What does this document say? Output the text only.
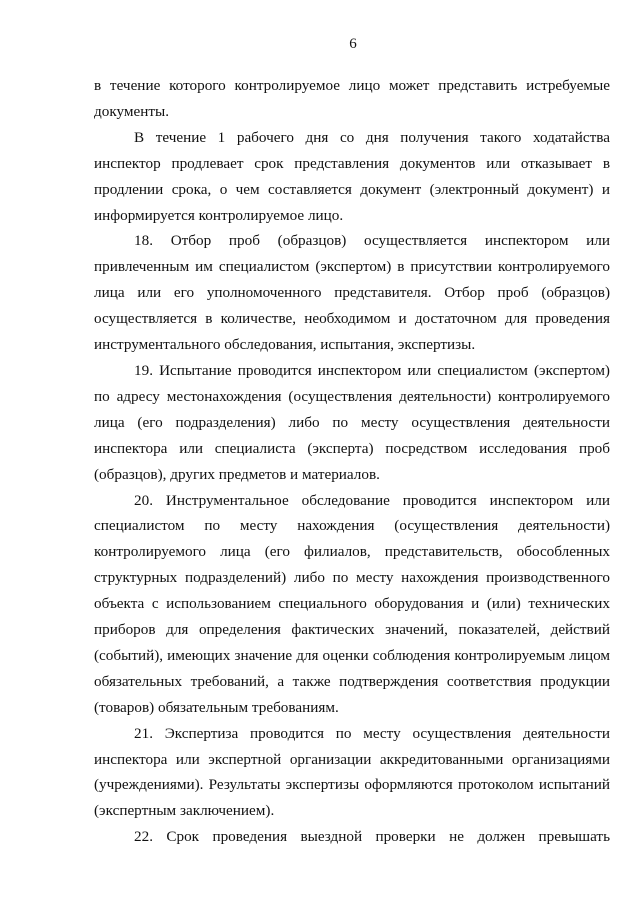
6

в течение которого контролируемое лицо может представить истребуемые документы.

В течение 1 рабочего дня со дня получения такого ходатайства инспектор продлевает срок представления документов или отказывает в продлении срока, о чем составляется документ (электронный документ) и информируется контролируемое лицо.

18. Отбор проб (образцов) осуществляется инспектором или привлеченным им специалистом (экспертом) в присутствии контролируемого лица или его уполномоченного представителя. Отбор проб (образцов) осуществляется в количестве, необходимом и достаточном для проведения инструментального обследования, испытания, экспертизы.

19. Испытание проводится инспектором или специалистом (экспертом) по адресу местонахождения (осуществления деятельности) контролируемого лица (его подразделения) либо по месту осуществления деятельности инспектора или специалиста (эксперта) посредством исследования проб (образцов), других предметов и материалов.

20. Инструментальное обследование проводится инспектором или специалистом по месту нахождения (осуществления деятельности) контролируемого лица (его филиалов, представительств, обособленных структурных подразделений) либо по месту нахождения производственного объекта с использованием специального оборудования и (или) технических приборов для определения фактических значений, показателей, действий (событий), имеющих значение для оценки соблюдения контролируемым лицом обязательных требований, а также подтверждения соответствия продукции (товаров) обязательным требованиям.

21. Экспертиза проводится по месту осуществления деятельности инспектора или экспертной организации аккредитованными организациями (учреждениями). Результаты экспертизы оформляются протоколом испытаний (экспертным заключением).

22. Срок проведения выездной проверки не должен превышать
